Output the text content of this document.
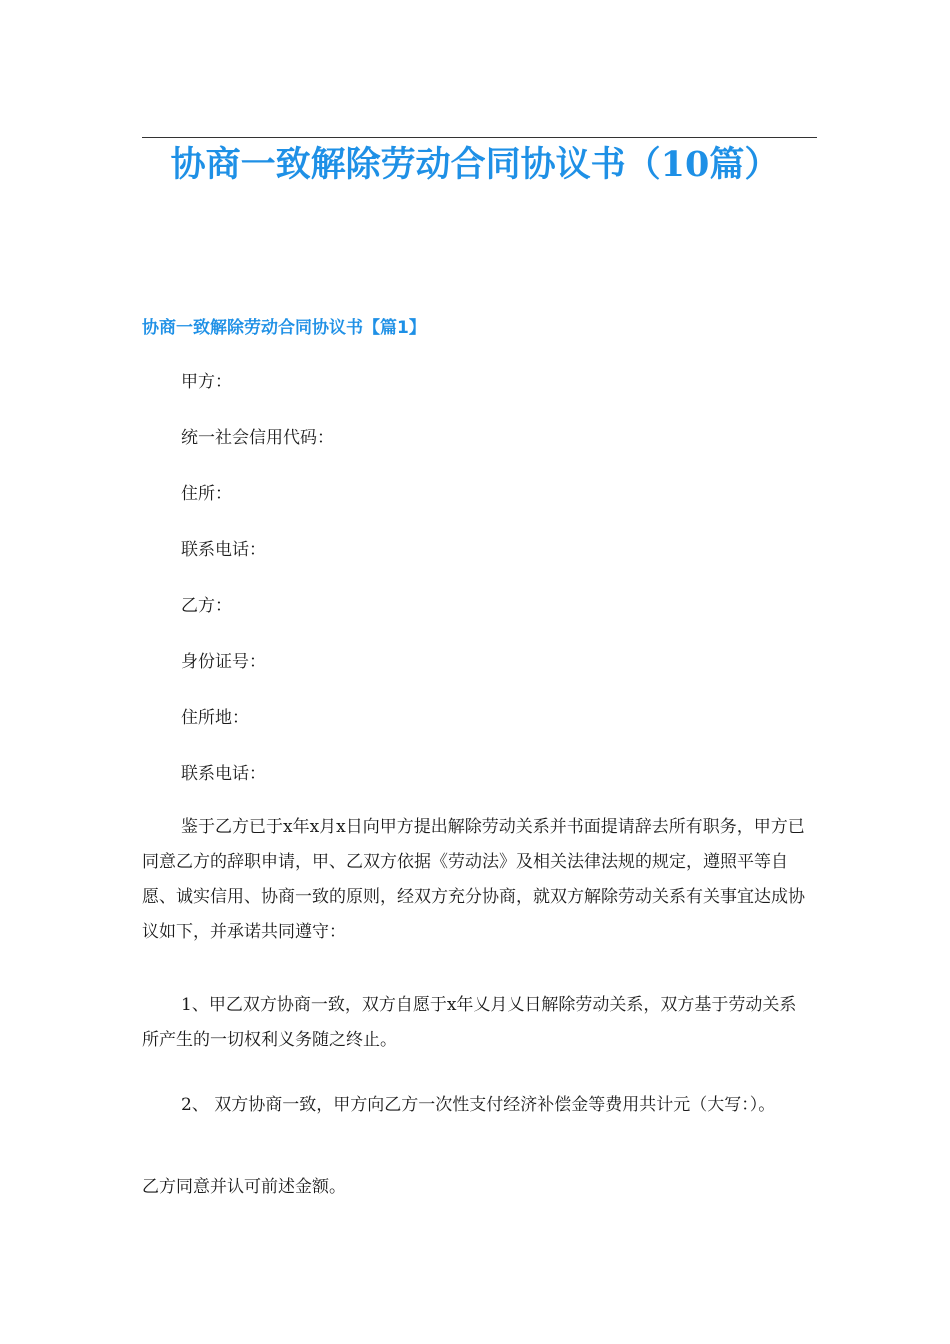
协商一致解除劳动合同协议书（10篇）
协商一致解除劳动合同协议书【篇1】
甲方：
统一社会信用代码：
住所：
联系电话：
乙方：
身份证号：
住所地：
联系电话：

鉴于乙方已于x年x月x日向甲方提出解除劳动关系并书面提请辞去所有职务，甲方已同意乙方的辞职申请，甲、乙双方依据《劳动法》及相关法律法规的规定，遵照平等自愿、诚实信用、协商一致的原则，经双方充分协商，就双方解除劳动关系有关事宜达成协议如下，并承诺共同遵守：

1、甲乙双方协商一致，双方自愿于x年乂月乂日解除劳动关系，双方基于劳动关系所产生的一切权利义务随之终止。

2、 双方协商一致，甲方向乙方一次性支付经济补偿金等费用共计元（大写：）。

乙方同意并认可前述金额。
